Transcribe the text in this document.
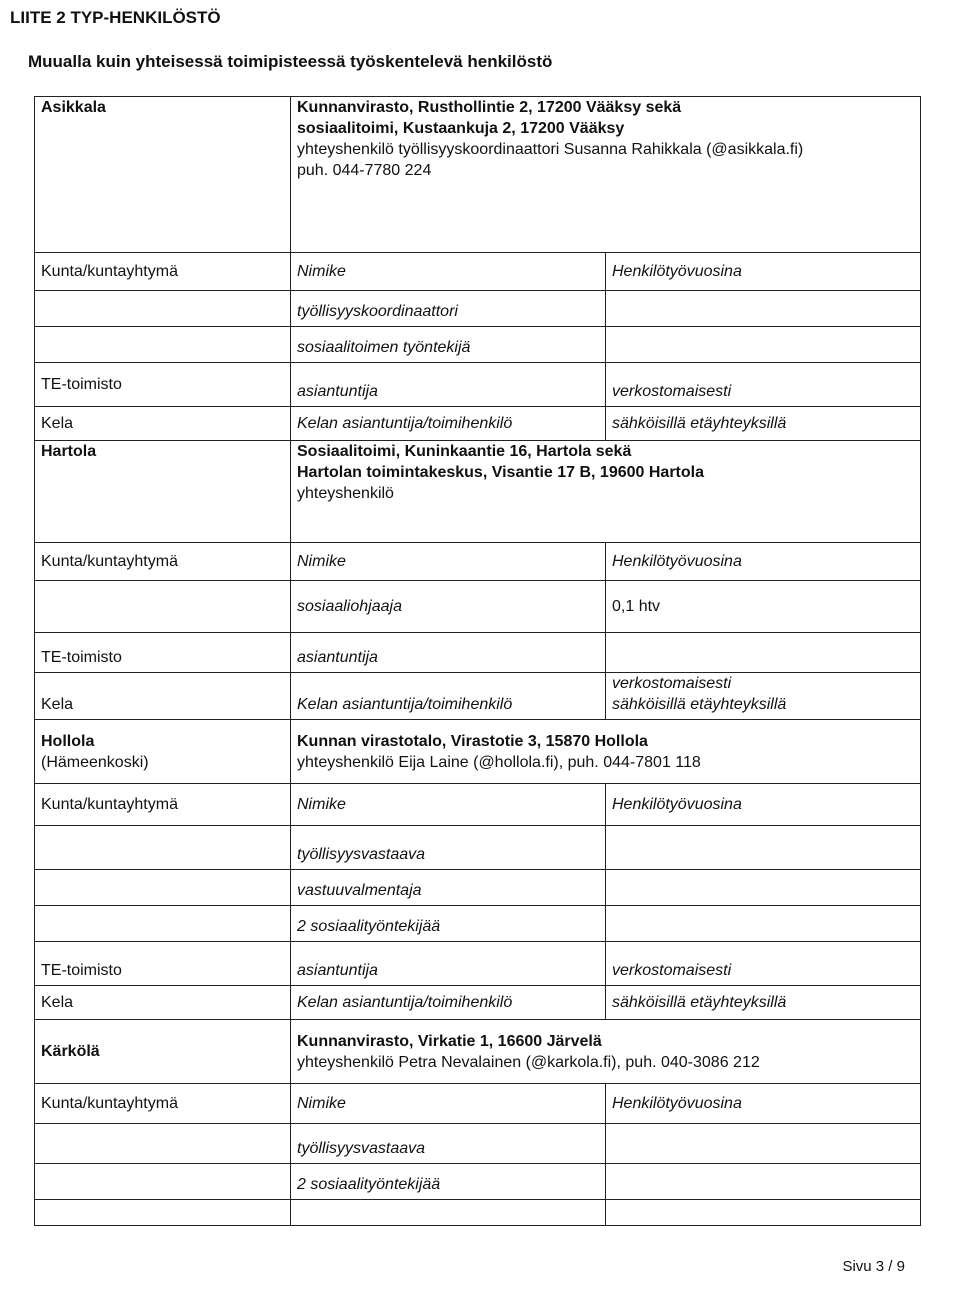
LIITE 2 TYP-HENKILÖSTÖ
Muualla kuin yhteisessä toimipisteessä työskentelevä henkilöstö
Asikkala	Kunnanvirasto, Rusthollintie 2, 17200 Vääksy sekä
sosiaalitoimi, Kustaankuja 2, 17200 Vääksy
yhteyshenkilö työllisyyskoordinaattori Susanna Rahikkala (@asikkala.fi)
puh. 044-7780 224	

Kunta/kuntayhtymä	Nimike	Henkilötyövuosina

	työllisyyskoordinaattori	

	sosiaalitoimen työntekijä	

TE-toimisto	asiantuntija	verkostomaisesti

Kela	Kelan asiantuntija/toimihenkilö	sähköisillä etäyhteyksillä

Hartola	Sosiaalitoimi, Kuninkaantie 16, Hartola sekä
Hartolan toimintakeskus, Visantie 17 B, 19600 Hartola
yhteyshenkilö	

Kunta/kuntayhtymä	Nimike	Henkilötyövuosina

	sosiaaliohjaaja	0,1 htv

TE-toimisto	asiantuntija	

Kela	Kelan asiantuntija/toimihenkilö	verkostomaisesti
sähköisillä etäyhteyksillä

Hollola
(Hämeenkoski)	Kunnan virastotalo, Virastotie 3, 15870 Hollola
yhteyshenkilö Eija Laine (@hollola.fi), puh. 044-7801 118	

Kunta/kuntayhtymä	Nimike	Henkilötyövuosina

	työllisyysvastaava	

	vastuuvalmentaja	

	2 sosiaalityöntekijää	

TE-toimisto	asiantuntija	verkostomaisesti

Kela	Kelan asiantuntija/toimihenkilö	sähköisillä etäyhteyksillä

Kärkölä	Kunnanvirasto, Virkatie 1, 16600 Järvelä
yhteyshenkilö Petra Nevalainen (@karkola.fi), puh. 040-3086 212	

Kunta/kuntayhtymä	Nimike	Henkilötyövuosina

	työllisyysvastaava	

	2 sosiaalityöntekijää	

Sivu 3 / 9
